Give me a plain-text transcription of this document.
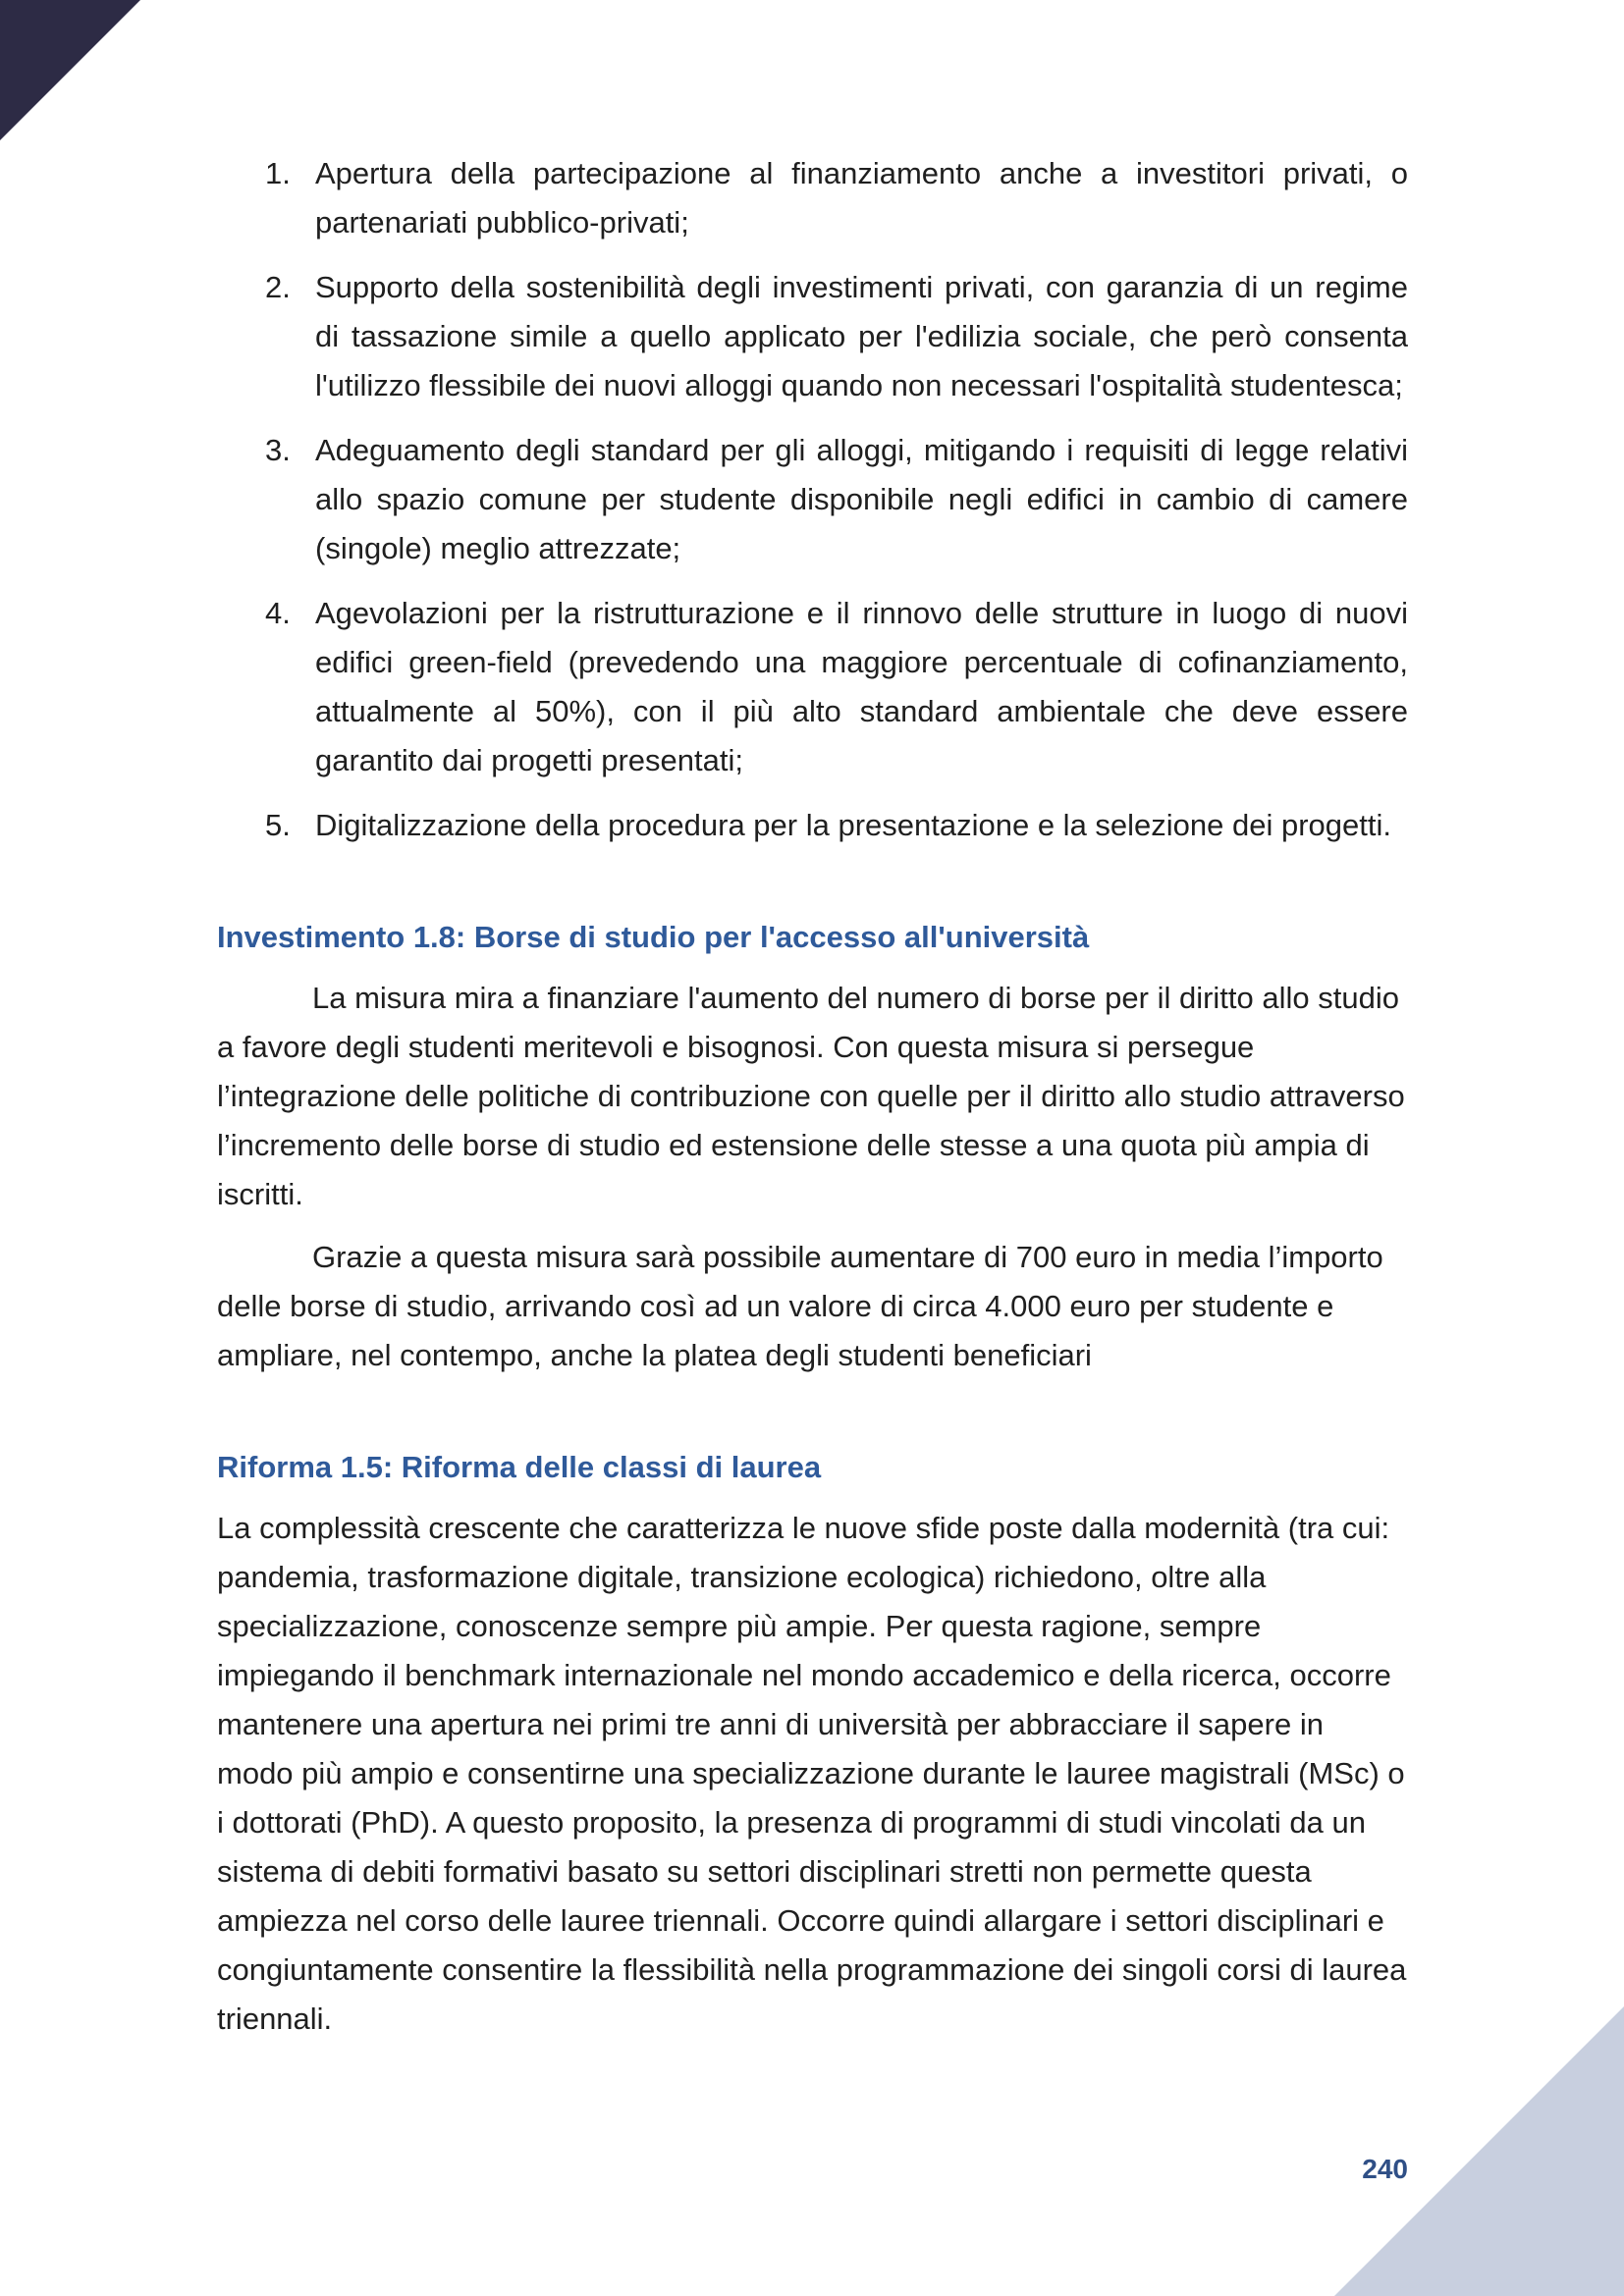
1. Apertura della partecipazione al finanziamento anche a investitori privati, o partenariati pubblico-privati;
2. Supporto della sostenibilità degli investimenti privati, con garanzia di un regime di tassazione simile a quello applicato per l'edilizia sociale, che però consenta l'utilizzo flessibile dei nuovi alloggi quando non necessari l'ospitalità studentesca;
3. Adeguamento degli standard per gli alloggi, mitigando i requisiti di legge relativi allo spazio comune per studente disponibile negli edifici in cambio di camere (singole) meglio attrezzate;
4. Agevolazioni per la ristrutturazione e il rinnovo delle strutture in luogo di nuovi edifici green-field (prevedendo una maggiore percentuale di cofinanziamento, attualmente al 50%), con il più alto standard ambientale che deve essere garantito dai progetti presentati;
5. Digitalizzazione della procedura per la presentazione e la selezione dei progetti.
Investimento 1.8: Borse di studio per l'accesso all'università

La misura mira a finanziare l'aumento del numero di borse per il diritto allo studio a favore degli studenti meritevoli e bisognosi. Con questa misura si persegue l’integrazione delle politiche di contribuzione con quelle per il diritto allo studio attraverso l’incremento delle borse di studio ed estensione delle stesse a una quota più ampia di iscritti.

Grazie a questa misura sarà possibile aumentare di 700 euro in media l’importo delle borse di studio, arrivando così ad un valore di circa 4.000 euro per studente e ampliare, nel contempo, anche la platea degli studenti beneficiari

Riforma 1.5: Riforma delle classi di laurea

La complessità crescente che caratterizza le nuove sfide poste dalla modernità (tra cui: pandemia, trasformazione digitale, transizione ecologica) richiedono, oltre alla specializzazione, conoscenze sempre più ampie. Per questa ragione, sempre impiegando il benchmark internazionale nel mondo accademico e della ricerca, occorre mantenere una apertura nei primi tre anni di università per abbracciare il sapere in modo più ampio e consentirne una specializzazione durante le lauree magistrali (MSc) o i dottorati (PhD). A questo proposito, la presenza di programmi di studi vincolati da un sistema di debiti formativi basato su settori disciplinari stretti non permette questa ampiezza nel corso delle lauree triennali. Occorre quindi allargare i settori disciplinari e congiuntamente consentire la flessibilità nella programmazione dei singoli corsi di laurea triennali.

240
